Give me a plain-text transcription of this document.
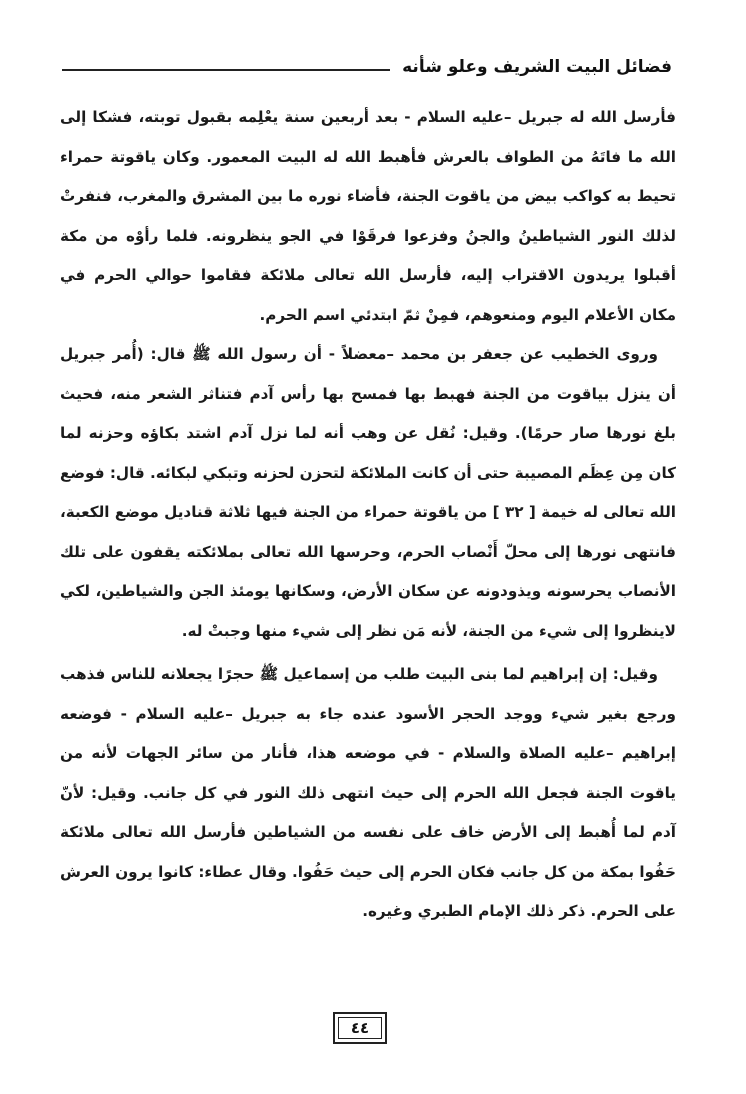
فضائل البيت الشريف وعلو شأنه

فأرسل الله له جبريل –عليه السلام - بعد أربعين سنة يعْلِمه بقبول توبته، فشكا إلى الله ما فاتَهُ من الطواف بالعرش فأهبط الله له البيت المعمور. وكان ياقوتة حمراء تحيط به كواكب بيض من ياقوت الجنة، فأضاء نوره ما بين المشرق والمغرب، فنفرتْ لذلك النور الشياطينُ والجنُ وفزعوا فرقَوْا في الجو ينظرونه. فلما رأوْه من مكة أقبلوا يريدون الاقتراب إليه، فأرسل الله تعالى ملائكة فقاموا حوالي الحرم في مكان الأعلام اليوم ومنعوهم، فمِنْ ثمّ ابتدئي اسم الحرم.

وروى الخطيب عن جعفر بن محمد –معضلاً - أن رسول الله ﷺ قال: (أُمر جبريل أن ينزل بياقوت من الجنة فهبط بها فمسح بها رأس آدم فتناثر الشعر منه، فحيث بلغ نورها صار حرمًا). وقيل: نُقل عن وهب أنه لما نزل آدم اشتد بكاؤه وحزنه لما كان مِن عِظَم المصيبة حتى أن كانت الملائكة لتحزن لحزنه وتبكي لبكائه. قال: فوضع الله تعالى له خيمة [ ٣٢ ] من ياقوتة حمراء من الجنة فيها ثلاثة قناديل موضع الكعبة، فانتهى نورها إلى محلّ أَنْصاب الحرم، وحرسها الله تعالى بملائكته يقفون على تلك الأنصاب يحرسونه ويذودونه عن سكان الأرض، وسكانها يومئذ الجن والشياطين، لكي لاينظروا إلى شيء من الجنة، لأنه مَن نظر إلى شيء منها وجبتْ له.

وقيل: إن إبراهيم لما بنى البيت طلب من إسماعيل ﷺ حجرًا يجعلانه للناس فذهب ورجع بغير شيء ووجد الحجر الأسود عنده جاء به جبريل –عليه السلام - فوضعه إبراهيم –عليه الصلاة والسلام - في موضعه هذا، فأنار من سائر الجهات لأنه من ياقوت الجنة فجعل الله الحرم إلى حيث انتهى ذلك النور في كل جانب. وقيل: لأنّ آدم لما أُهبط إلى الأرض خاف على نفسه من الشياطين فأرسل الله تعالى ملائكة حَفُوا بمكة من كل جانب فكان الحرم إلى حيث حَفُوا. وقال عطاء: كانوا يرون العرش على الحرم. ذكر ذلك الإمام الطبري وغيره.

٤٤
